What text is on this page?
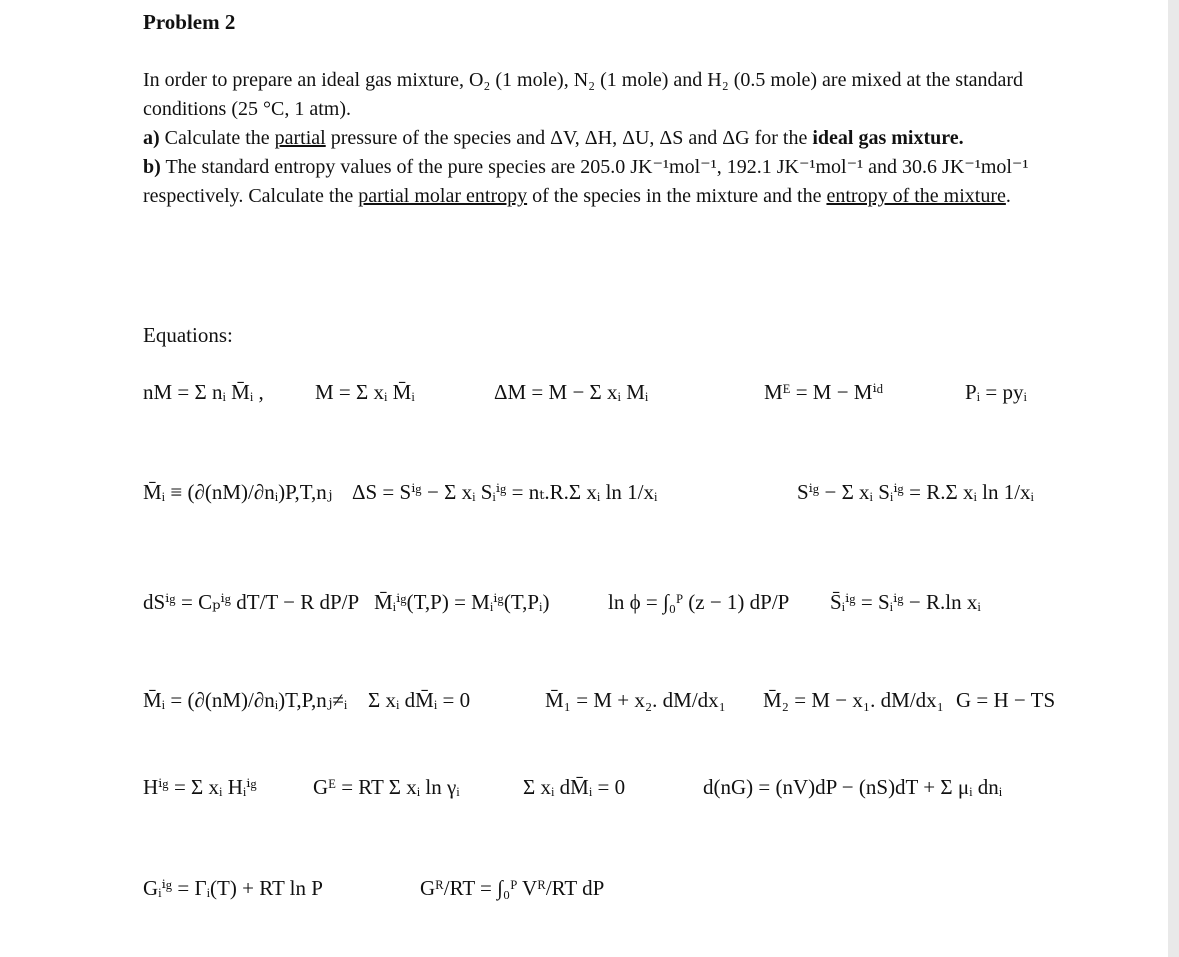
Problem 2

In order to prepare an ideal gas mixture, O₂ (1 mole), N₂ (1 mole) and H₂ (0.5 mole) are mixed at the standard conditions (25 °C, 1 atm).

a) Calculate the partial pressure of the species and ΔV, ΔH, ΔU, ΔS and ΔG for the ideal gas mixture.

b) The standard entropy values of the pure species are 205.0 JK⁻¹mol⁻¹, 192.1 JK⁻¹mol⁻¹ and 30.6 JK⁻¹mol⁻¹ respectively. Calculate the partial molar entropy of the species in the mixture and the entropy of the mixture.

Equations:
nM = Σ nᵢ M̄ᵢ , M = Σ xᵢ M̄ᵢ	ΔM = M − Σ xᵢ Mᵢ	Mᴱ = M − Mⁱᵈ	Pᵢ = pyᵢ
M̄ᵢ ≡ (∂(nM)/∂nᵢ)P,T,nⱼ ΔS = Sⁱᵍ − Σ xᵢ Sᵢⁱᵍ = nₜ.R.Σ xᵢ ln 1/xᵢ	Sⁱᵍ − Σ xᵢ Sᵢⁱᵍ = R.Σ xᵢ ln 1/xᵢ
dSⁱᵍ = Cₚⁱᵍ dT/T − R dP/P M̄ᵢⁱᵍ(T,P) = Mᵢⁱᵍ(T,Pᵢ)	ln ϕ = ∫₀ᴾ (z − 1) dP/P S̄ᵢⁱᵍ = Sᵢⁱᵍ − R.ln xᵢ
M̄ᵢ = (∂(nM)/∂nᵢ)T,P,nⱼ≠ᵢ Σ xᵢ dM̄ᵢ = 0	M̄₁ = M + x₂. dM/dx₁ M̄₂ = M − x₁. dM/dx₁ G = H − TS
Hⁱᵍ = Σ xᵢ Hᵢⁱᵍ	Gᴱ = RT Σ xᵢ ln γᵢ	Σ xᵢ dM̄ᵢ = 0	d(nG) = (nV)dP − (nS)dT + Σ μᵢ dnᵢ
Gᵢⁱᵍ = Γᵢ(T) + RT ln P	Gᴿ/RT = ∫₀ᴾ Vᴿ/RT dP
